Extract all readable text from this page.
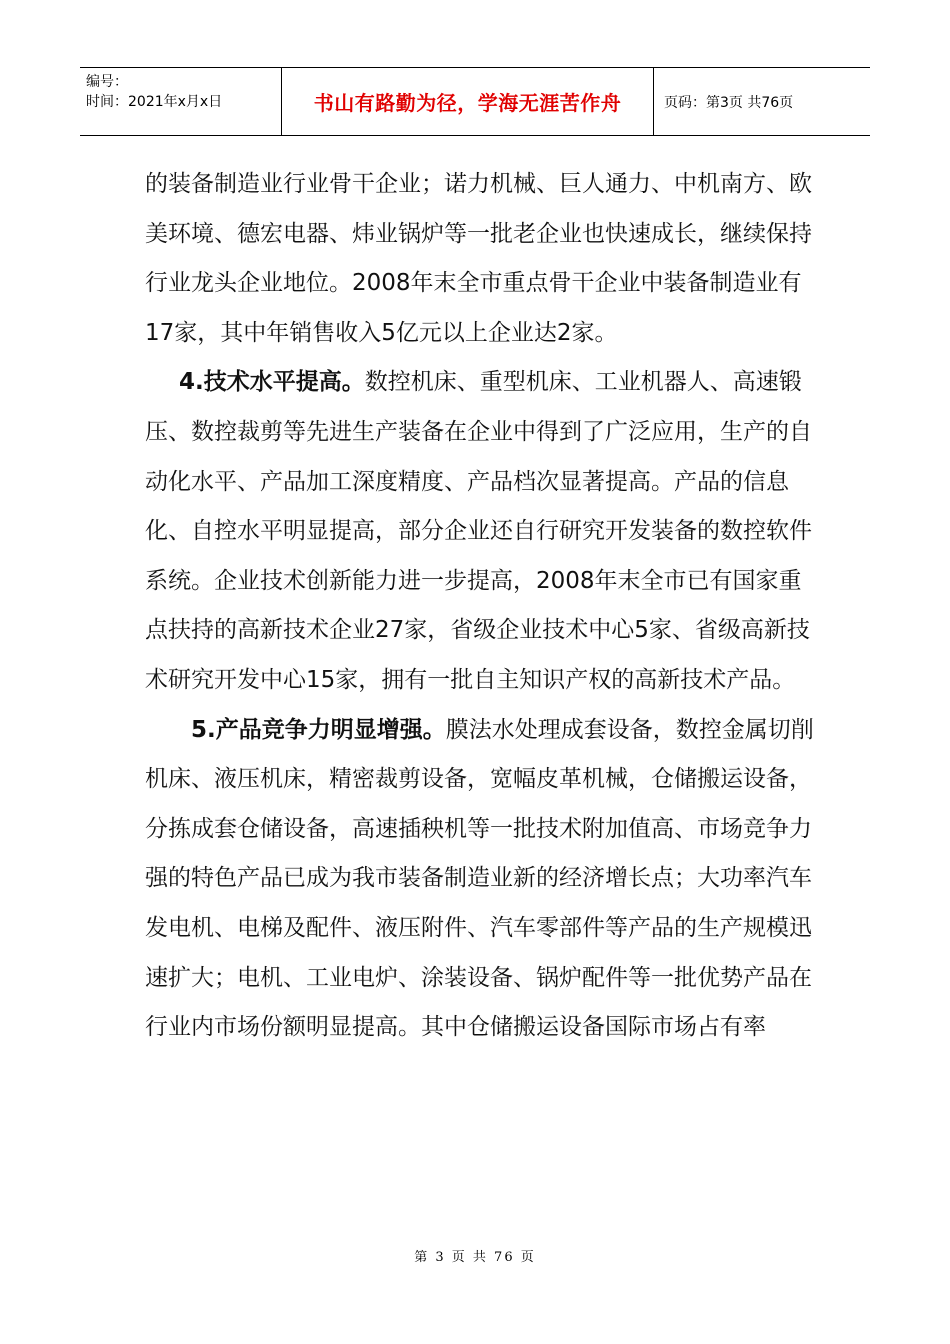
编号：
时间：2021年x月x日	书山有路勤为径，学海无涯苦作舟	页码：第3页 共76页

的装备制造业行业骨干企业；诺力机械、巨人通力、中机南方、欧美环境、德宏电器、炜业锅炉等一批老企业也快速成长，继续保持行业龙头企业地位。2008年末全市重点骨干企业中装备制造业有17家，其中年销售收入5亿元以上企业达2家。

4.技术水平提高。数控机床、重型机床、工业机器人、高速锻压、数控裁剪等先进生产装备在企业中得到了广泛应用，生产的自动化水平、产品加工深度精度、产品档次显著提高。产品的信息化、自控水平明显提高，部分企业还自行研究开发装备的数控软件系统。企业技术创新能力进一步提高，2008年末全市已有国家重点扶持的高新技术企业27家，省级企业技术中心5家、省级高新技术研究开发中心15家，拥有一批自主知识产权的高新技术产品。

5.产品竞争力明显增强。膜法水处理成套设备，数控金属切削机床、液压机床，精密裁剪设备，宽幅皮革机械，仓储搬运设备，分拣成套仓储设备，高速插秧机等一批技术附加值高、市场竞争力强的特色产品已成为我市装备制造业新的经济增长点；大功率汽车发电机、电梯及配件、液压附件、汽车零部件等产品的生产规模迅速扩大；电机、工业电炉、涂装设备、锅炉配件等一批优势产品在行业内市场份额明显提高。其中仓储搬运设备国际市场占有率

第 3 页 共 76 页
